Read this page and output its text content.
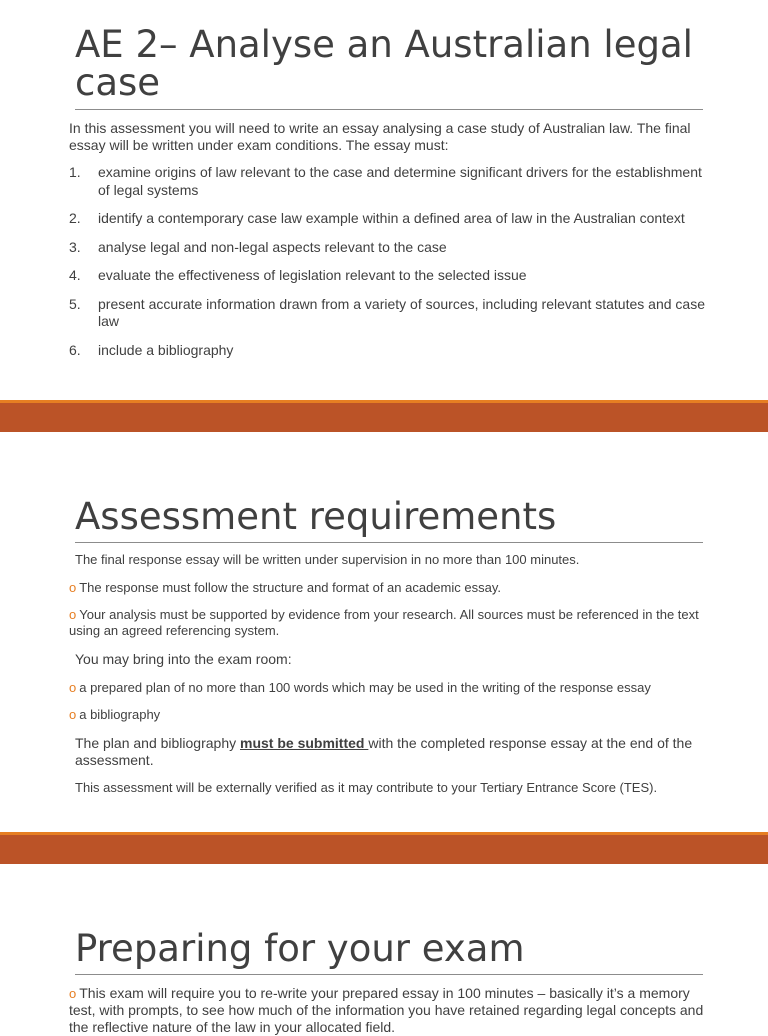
AE 2– Analyse an Australian legal case

In this assessment you will need to write an essay analysing a case study of Australian law. The final essay will be written under exam conditions. The essay must:

1. examine origins of law relevant to the case and determine significant drivers for the establishment of legal systems
2. identify a contemporary case law example within a defined area of law in the Australian context
3. analyse legal and non-legal aspects relevant to the case
4. evaluate the effectiveness of legislation relevant to the selected issue
5. present accurate information drawn from a variety of sources, including relevant statutes and case law
6. include a bibliography
Assessment requirements

The final response essay will be written under supervision in no more than 100 minutes.

o The response must follow the structure and format of an academic essay.

o Your analysis must be supported by evidence from your research. All sources must be referenced in the text using an agreed referencing system.

You may bring into the exam room:

o a prepared plan of no more than 100 words which may be used in the writing of the response essay

o a bibliography

The plan and bibliography must be submitted with the completed response essay at the end of the assessment.

This assessment will be externally verified as it may contribute to your Tertiary Entrance Score (TES).

Preparing for your exam

o This exam will require you to re-write your prepared essay in 100 minutes – basically it’s a memory test, with prompts, to see how much of the information you have retained regarding legal concepts and the reflective nature of the law in your allocated field.
